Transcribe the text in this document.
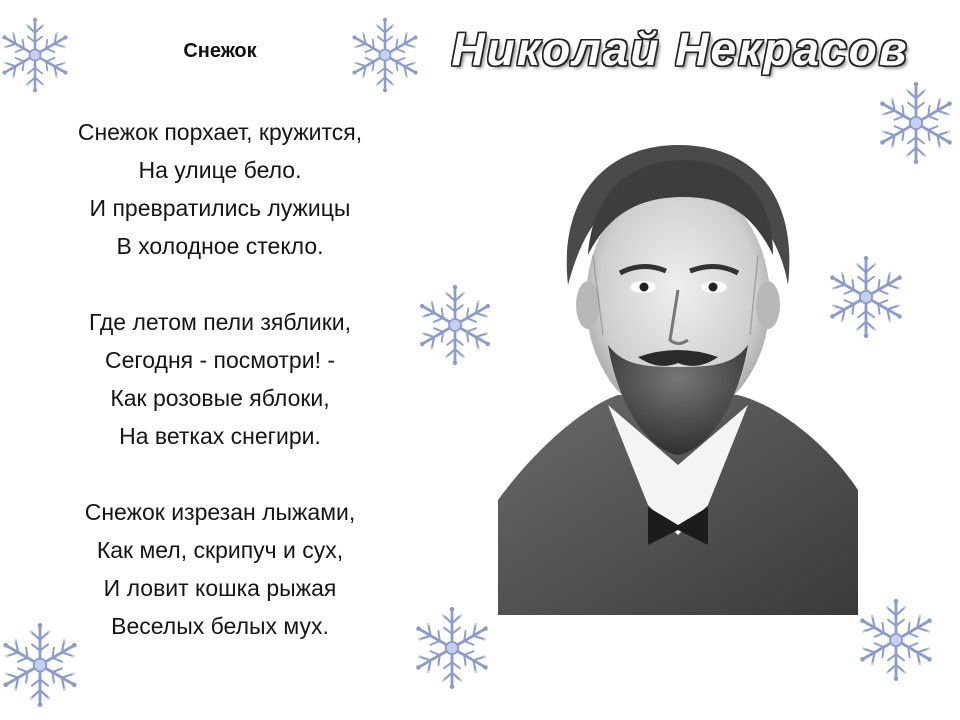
Снежок	Николай Некрасов
Снежок порхает, кружится,
На улице бело.
И превратились лужицы
В холодное стекло.
Где летом пели зяблики,
Сегодня - посмотри! -
Как розовые яблоки,
На ветках снегири.
Снежок изрезан лыжами,
Как мел, скрипуч и сух,
И ловит кошка рыжая
Веселых белых мух.
